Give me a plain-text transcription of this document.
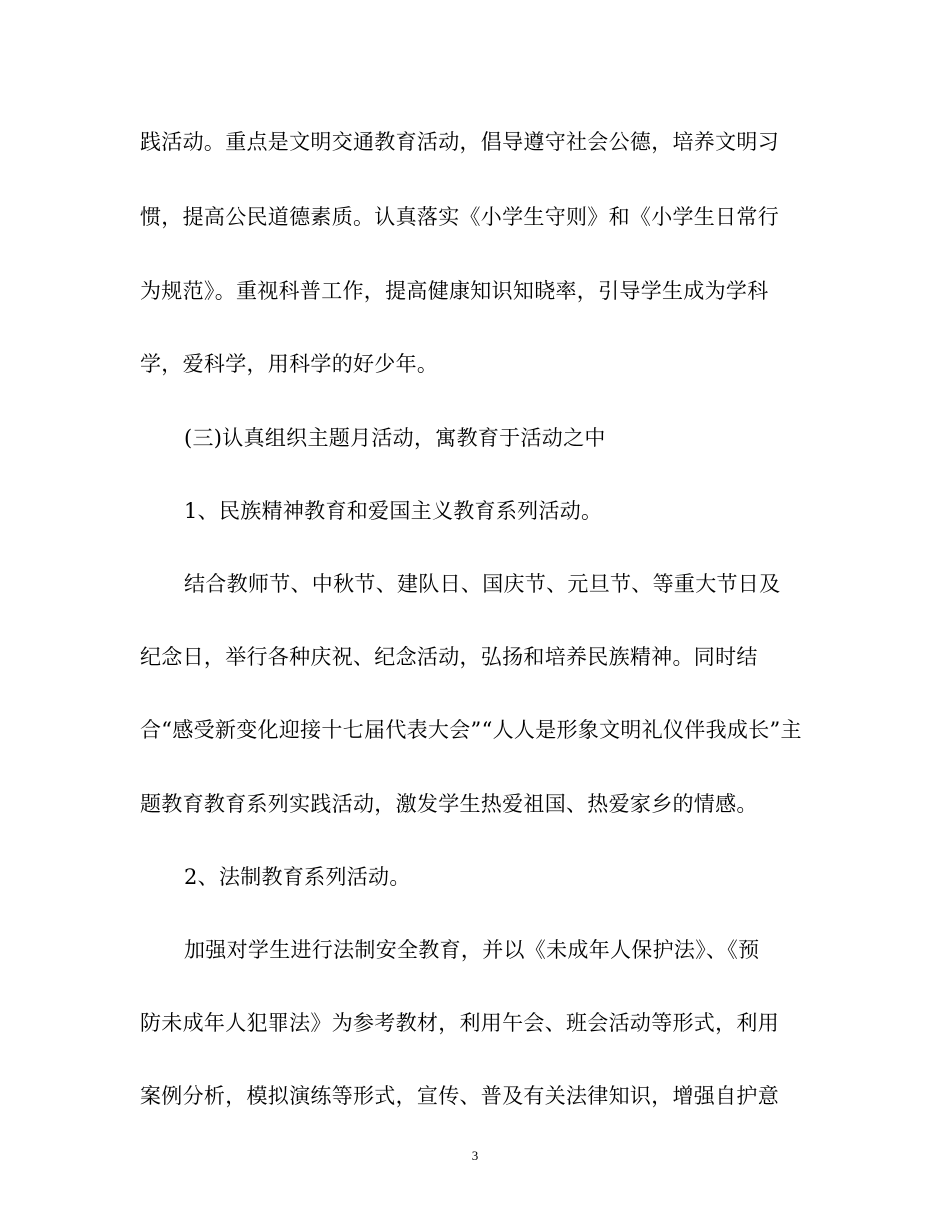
践活动。重点是文明交通教育活动，倡导遵守社会公德，培养文明习
惯，提高公民道德素质。认真落实《小学生守则》和《小学生日常行
为规范》。重视科普工作，提高健康知识知晓率，引导学生成为学科
学，爱科学，用科学的好少年。
(三)认真组织主题月活动，寓教育于活动之中
1、民族精神教育和爱国主义教育系列活动。
结合教师节、中秋节、建队日、国庆节、元旦节、等重大节日及
纪念日，举行各种庆祝、纪念活动，弘扬和培养民族精神。同时结
合“感受新变化迎接十七届代表大会”“人人是形象文明礼仪伴我成长”主
题教育教育系列实践活动，激发学生热爱祖国、热爱家乡的情感。
2、法制教育系列活动。
加强对学生进行法制安全教育，并以《未成年人保护法》、《预
防未成年人犯罪法》为参考教材，利用午会、班会活动等形式，利用
案例分析，模拟演练等形式，宣传、普及有关法律知识，增强自护意
3
